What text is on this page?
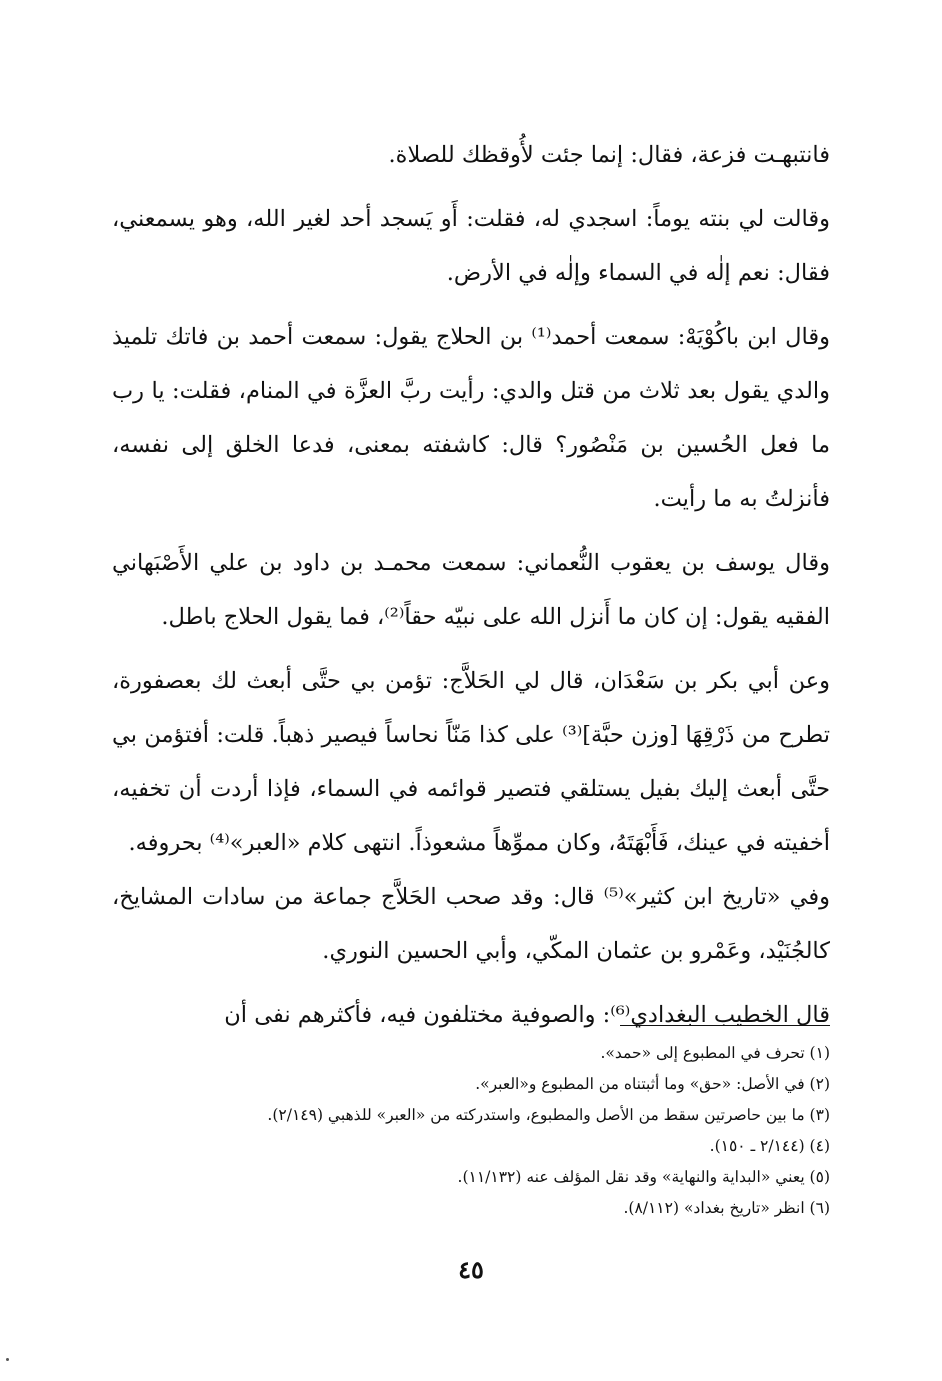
فانتبهـت فزعة، فقال: إنما جئت لأُوقظك للصلاة.

وقالت لي بنته يوماً: اسجدي له، فقلت: أَو يَسجد أحد لغير الله، وهو يسمعني، فقال: نعم إلٰه في السماء وإلٰه في الأرض.

وقال ابن باكُوْيَهْ: سمعت أحمد⁽¹⁾ بن الحلاج يقول: سمعت أحمد بن فاتك تلميذ والدي يقول بعد ثلاث من قتل والدي: رأيت ربَّ العزَّة في المنام، فقلت: يا رب ما فعل الحُسين بن مَنْصُور؟ قال: كاشفته بمعنى، فدعا الخلق إلى نفسه، فأنزلتُ به ما رأيت.

وقال يوسف بن يعقوب النُّعماني: سمعت محمـد بن داود بن علي الأَصْبَهاني الفقيه يقول: إن كان ما أَنزل الله على نبيّه حقاً⁽²⁾، فما يقول الحلاج باطل.

وعن أبي بكر بن سَعْدَان، قال لي الحَلاَّج: تؤمن بي حتَّى أبعث لك بعصفورة، تطرح من ذَرْقِهَا [وزن حبَّة]⁽³⁾ على كذا مَنّاً نحاساً فيصير ذهباً. قلت: أفتؤمن بي حتَّى أبعث إليك بفيل يستلقي فتصير قوائمه في السماء، فإذا أردت أن تخفيه، أخفيته في عينك، فَأَبْهَتَهُ، وكان مموِّهاً مشعوذاً. انتهى كلام «العبر»⁽⁴⁾ بحروفه.

وفي «تاريخ ابن كثير»⁽⁵⁾ قال: وقد صحب الحَلاَّج جماعة من سادات المشايخ، كالجُنَيْد، وعَمْرو بن عثمان المكّي، وأبي الحسين النوري.

قال الخطيب البغدادي⁽⁶⁾: والصوفية مختلفون فيه، فأكثرهم نفى أن

(١) تحرف في المطبوع إلى «حمد».
(٢) في الأصل: «حق» وما أثبتناه من المطبوع و«العبر».
(٣) ما بين حاصرتين سقط من الأصل والمطبوع، واستدركته من «العبر» للذهبي (٢/١٤٩).
(٤) (٢/١٤٤ ـ ١٥٠).
(٥) يعني «البداية والنهاية» وقد نقل المؤلف عنه (١١/١٣٢).
(٦) انظر «تاريخ بغداد» (٨/١١٢).
٤٥
